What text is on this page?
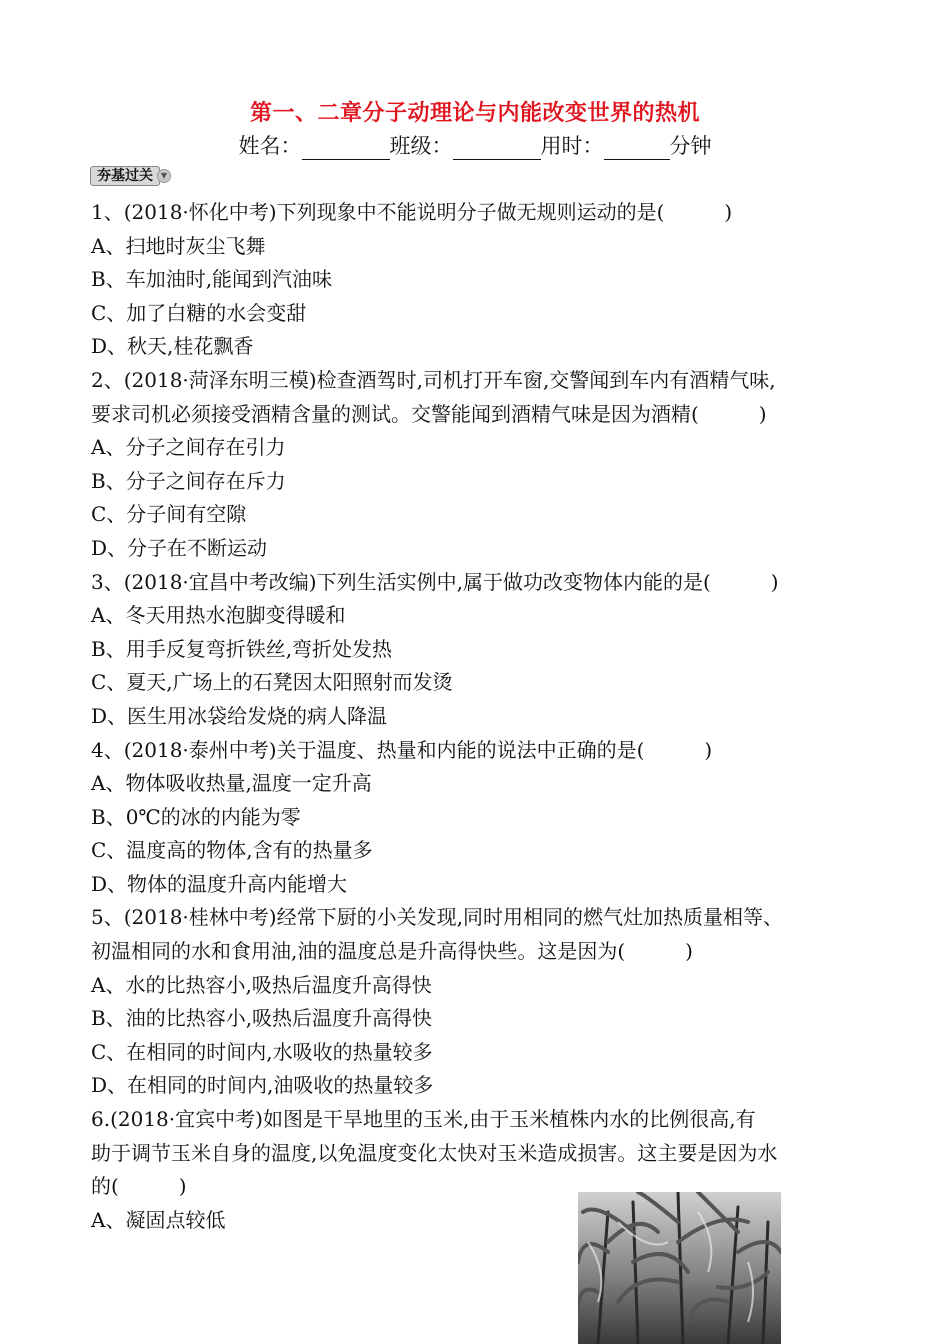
第一、二章分子动理论与内能改变世界的热机
姓名：	班级：	用时：	分钟
夯基过关 ▼
1、(2018·怀化中考)下列现象中不能说明分子做无规则运动的是(　　　)
A、扫地时灰尘飞舞
B、车加油时,能闻到汽油味
C、加了白糖的水会变甜
D、秋天,桂花飘香
2、(2018·菏泽东明三模)检查酒驾时,司机打开车窗,交警闻到车内有酒精气味,
要求司机必须接受酒精含量的测试。交警能闻到酒精气味是因为酒精(　　　)
A、分子之间存在引力
B、分子之间存在斥力
C、分子间有空隙
D、分子在不断运动
3、(2018·宜昌中考改编)下列生活实例中,属于做功改变物体内能的是(　　　)
A、冬天用热水泡脚变得暖和
B、用手反复弯折铁丝,弯折处发热
C、夏天,广场上的石凳因太阳照射而发烫
D、医生用冰袋给发烧的病人降温
4、(2018·泰州中考)关于温度、热量和内能的说法中正确的是(　　　)
A、物体吸收热量,温度一定升高
B、0℃的冰的内能为零
C、温度高的物体,含有的热量多
D、物体的温度升高内能增大
5、(2018·桂林中考)经常下厨的小关发现,同时用相同的燃气灶加热质量相等、
初温相同的水和食用油,油的温度总是升高得快些。这是因为(　　　)
A、水的比热容小,吸热后温度升高得快
B、油的比热容小,吸热后温度升高得快
C、在相同的时间内,水吸收的热量较多
D、在相同的时间内,油吸收的热量较多
6.(2018·宜宾中考)如图是干旱地里的玉米,由于玉米植株内水的比例很高,有
助于调节玉米自身的温度,以免温度变化太快对玉米造成损害。这主要是因为水
的(　　　)
A、凝固点较低
